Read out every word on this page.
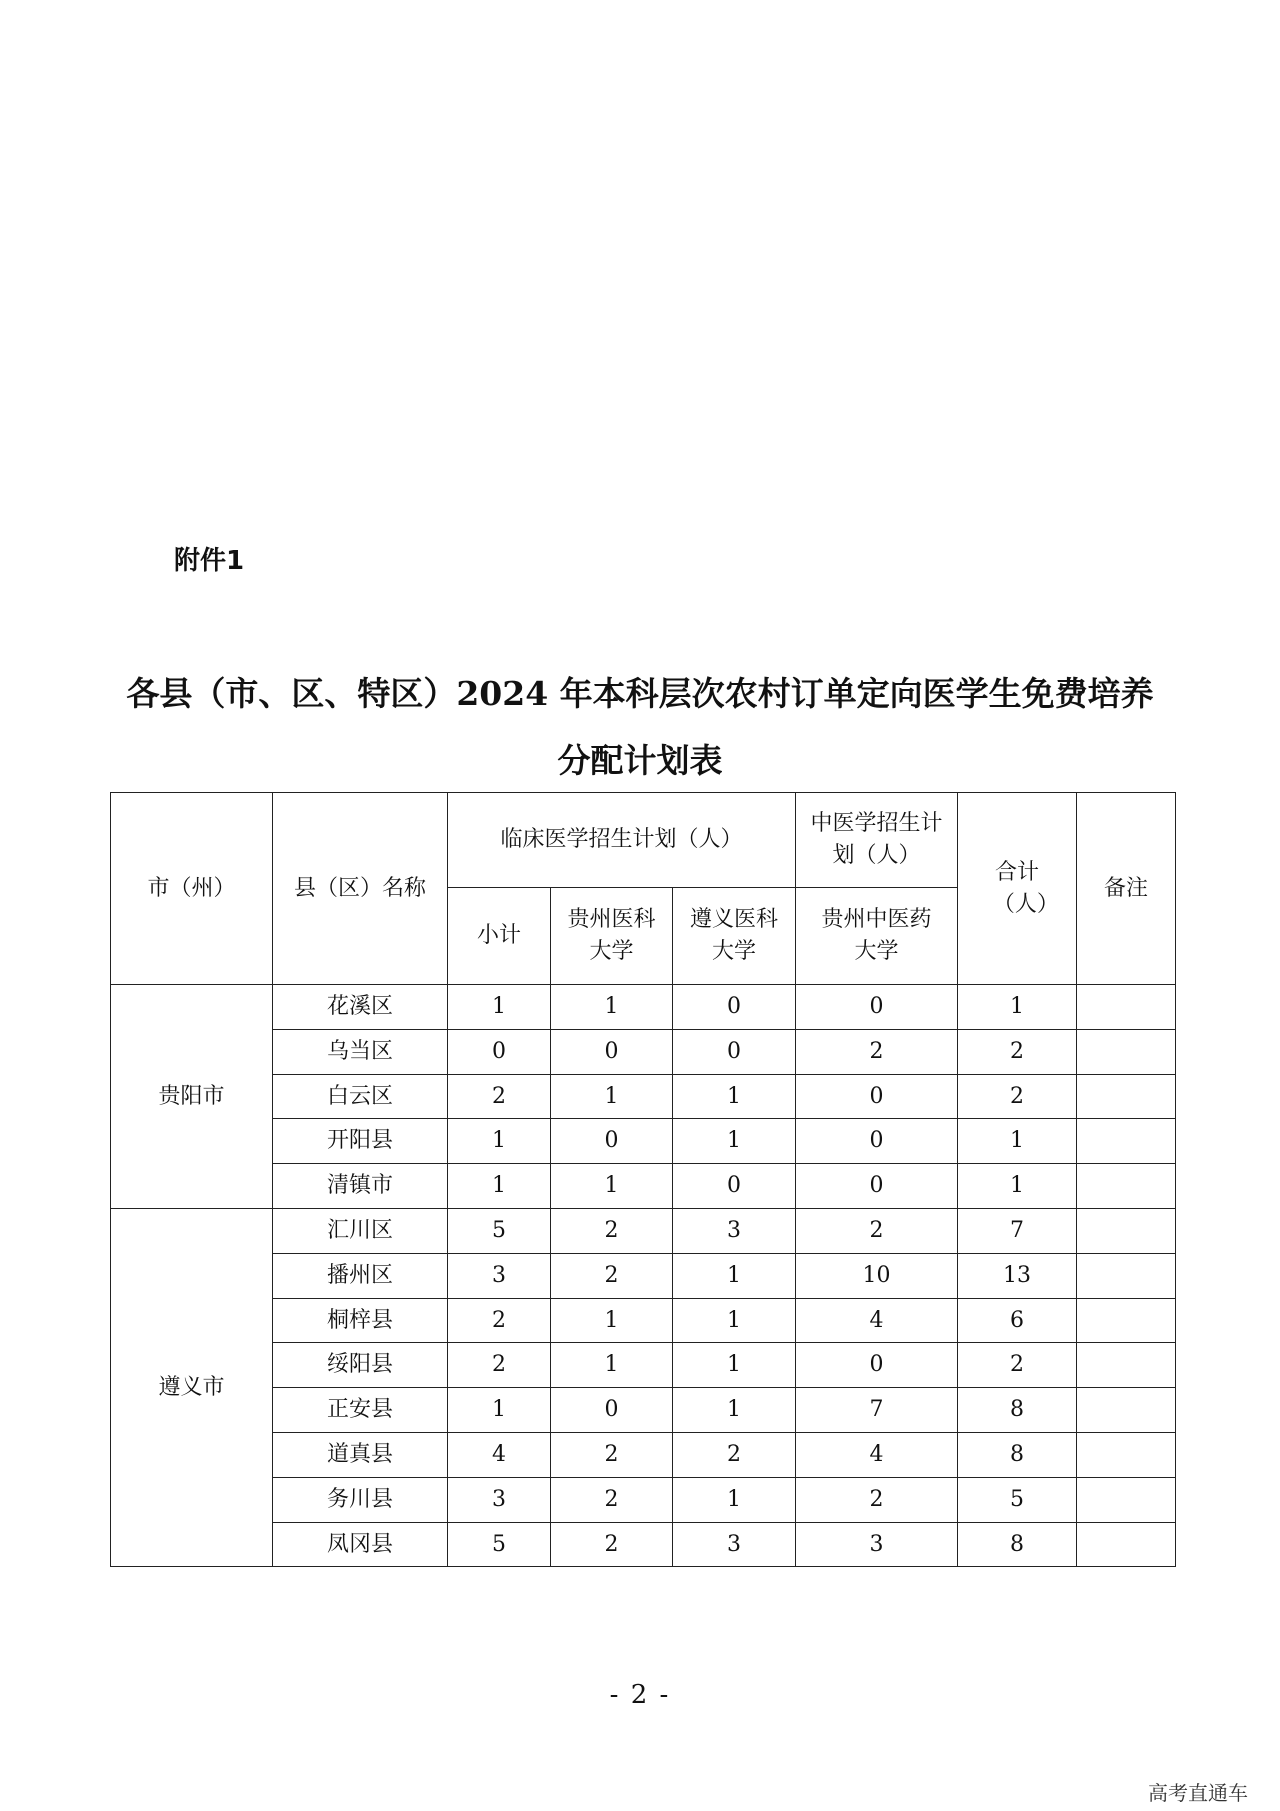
附件1
各县（市、区、特区）2024 年本科层次农村订单定向医学生免费培养
分配计划表
市（州）	县（区）名称	临床医学招生计划（人）			中医学招生计划（人）	合计（人）	备注
		小计	贵州医科大学	遵义医科大学	贵州中医药大学		

贵阳市	花溪区	1	1	0	0	1	
	乌当区	0	0	0	2	2	
	白云区	2	1	1	0	2	
	开阳县	1	0	1	0	1	
	清镇市	1	1	0	0	1	
遵义市	汇川区	5	2	3	2	7	
	播州区	3	2	1	10	13	
	桐梓县	2	1	1	4	6	
	绥阳县	2	1	1	0	2	
	正安县	1	0	1	7	8	
	道真县	4	2	2	4	8	
	务川县	3	2	1	2	5	
	凤冈县	5	2	3	3	8	
- 2 -
高考直通车
